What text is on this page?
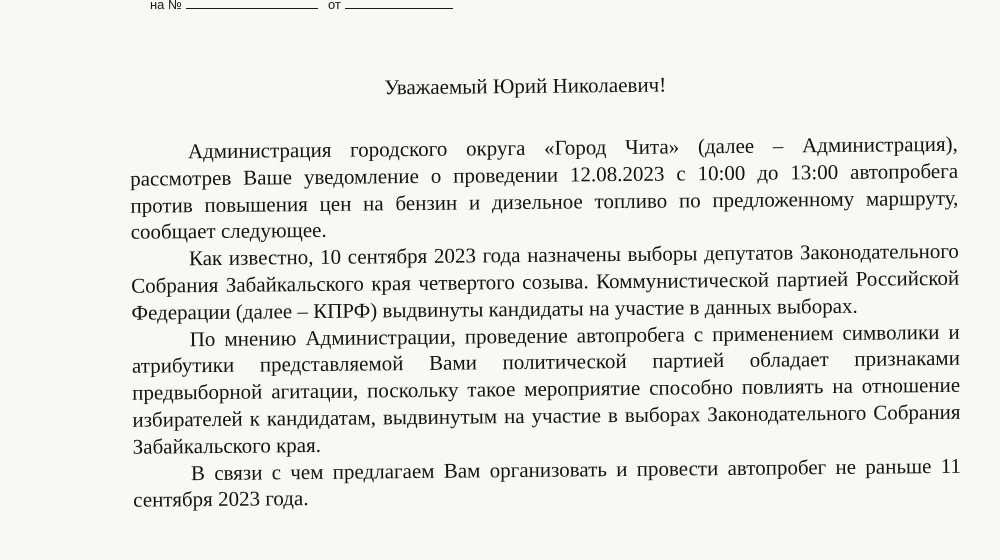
на №	от
Уважаемый Юрий Николаевич!

Администрация городского округа «Город Чита» (далее – Администрация), рассмотрев Ваше уведомление о проведении 12.08.2023 с 10:00 до 13:00 автопробега против повышения цен на бензин и дизельное топливо по предложенному маршруту, сообщает следующее.

Как известно, 10 сентября 2023 года назначены выборы депутатов Законодательного Собрания Забайкальского края четвертого созыва. Коммунистической партией Российской Федерации (далее – КПРФ) выдвинуты кандидаты на участие в данных выборах.

По мнению Администрации, проведение автопробега с применением символики и атрибутики представляемой Вами политической партией обладает признаками предвыборной агитации, поскольку такое мероприятие способно повлиять на отношение избирателей к кандидатам, выдвинутым на участие в выборах Законодательного Собрания Забайкальского края.

В связи с чем предлагаем Вам организовать и провести автопробег не раньше 11 сентября 2023 года.
